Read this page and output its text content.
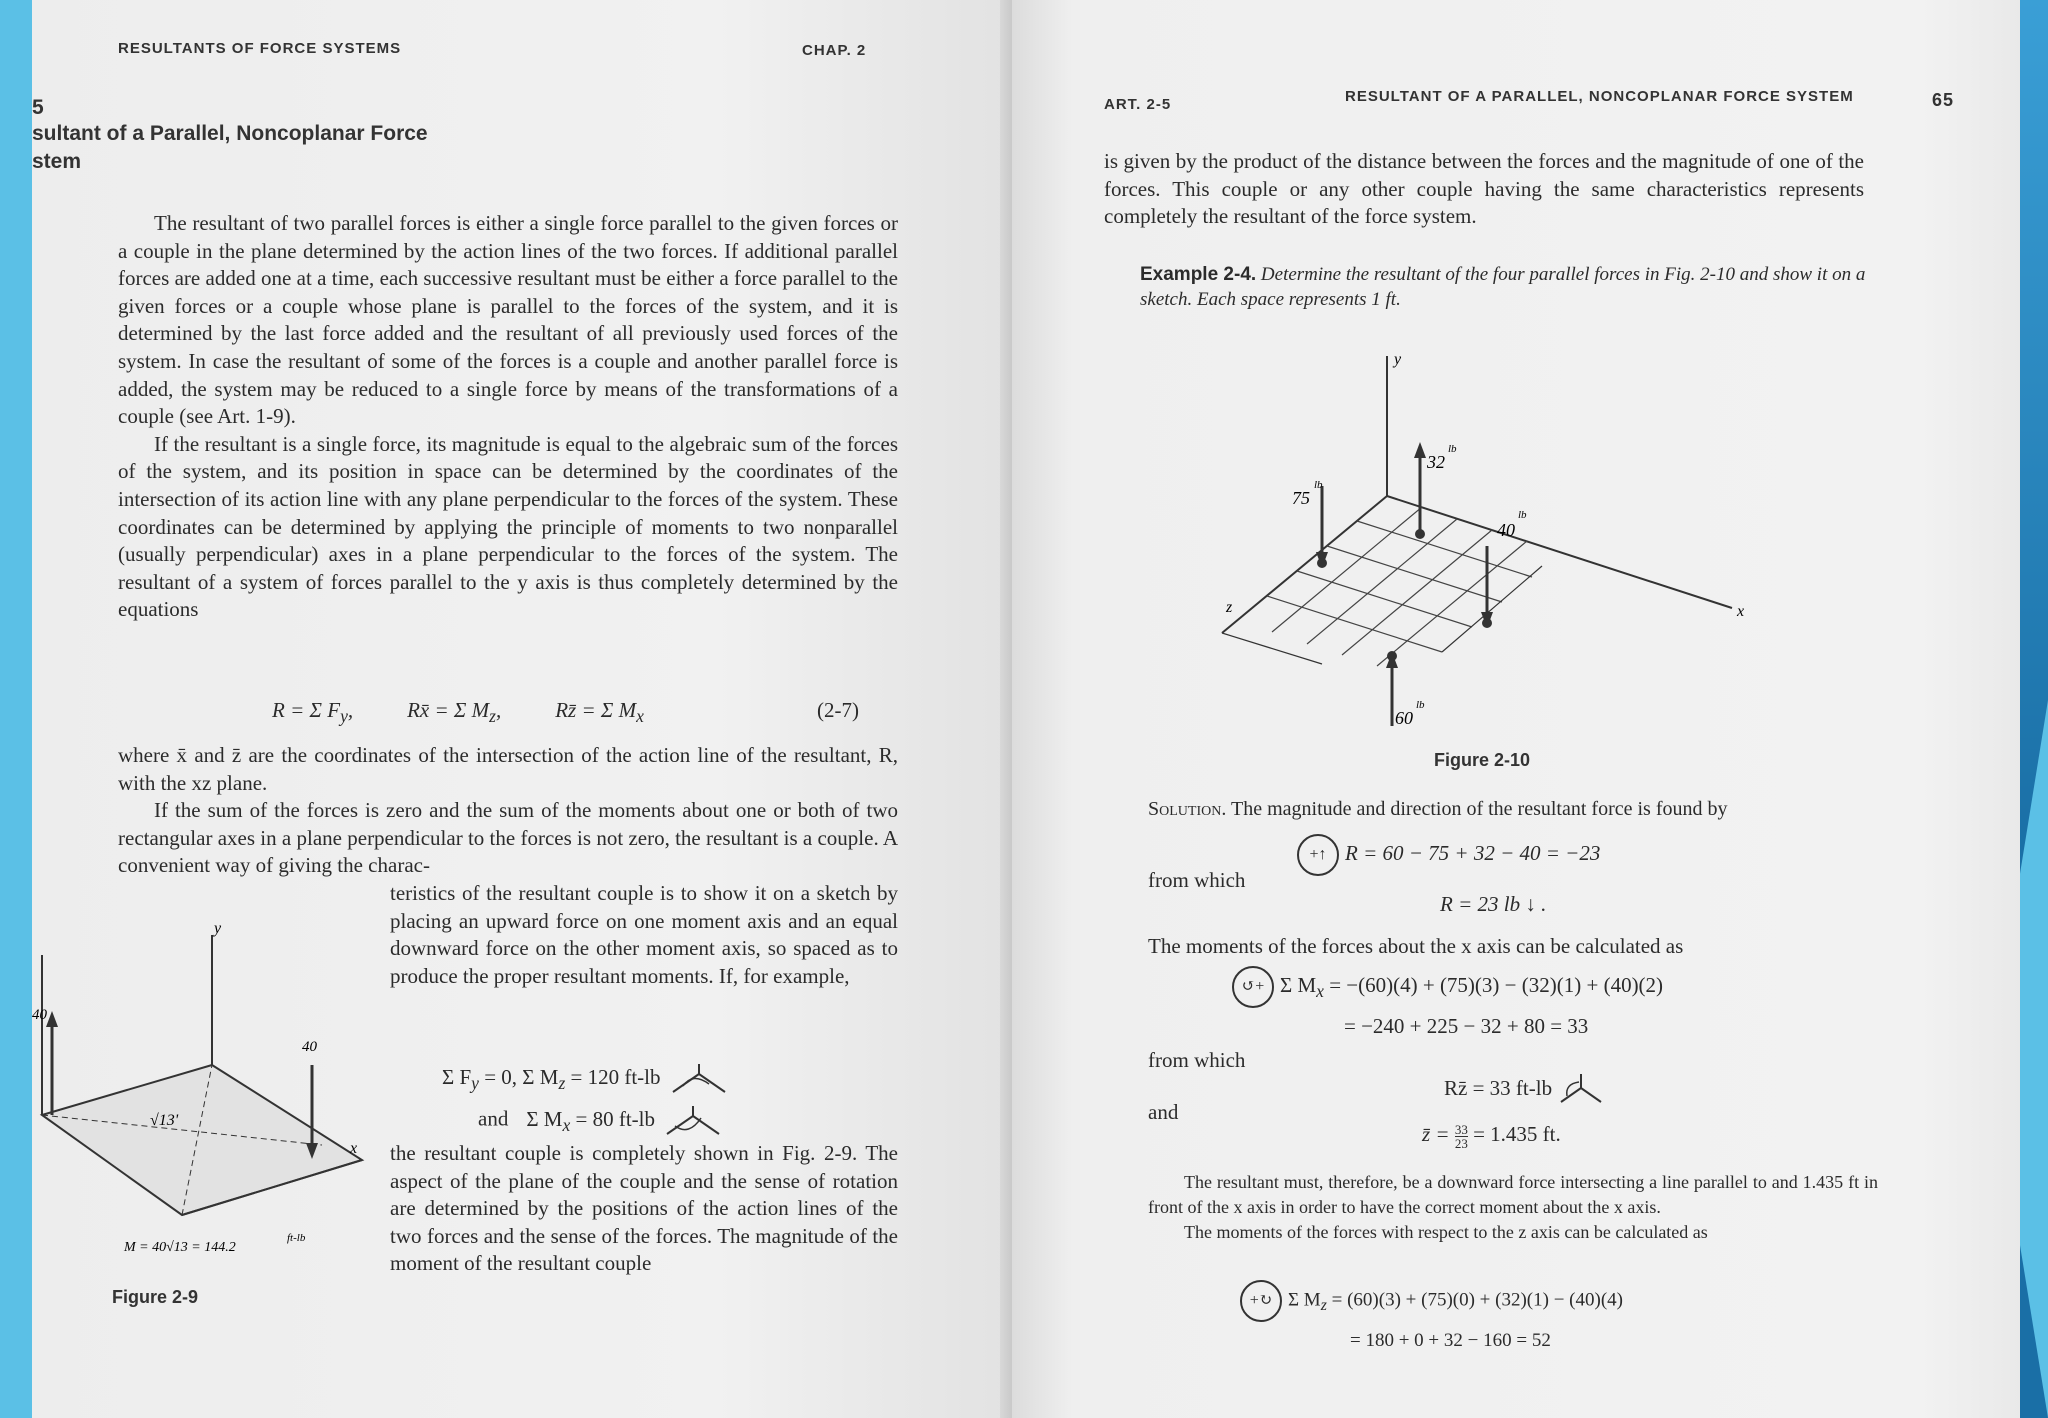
RESULTANTS OF FORCE SYSTEMS	CHAP. 2
5
sultant of a Parallel, Noncoplanar Force
stem

The resultant of two parallel forces is either a single force parallel to the given forces or a couple in the plane determined by the action lines of the two forces. If additional parallel forces are added one at a time, each successive resultant must be either a force parallel to the given forces or a couple whose plane is parallel to the forces of the system, and it is determined by the last force added and the resultant of all previously used forces of the system. In case the resultant of some of the forces is a couple and another parallel force is added, the system may be reduced to a single force by means of the transformations of a couple (see Art. 1-9).

If the resultant is a single force, its magnitude is equal to the algebraic sum of the forces of the system, and its position in space can be determined by the coordinates of the intersection of its action line with any plane perpendicular to the forces of the system. These coordinates can be determined by applying the principle of moments to two nonparallel (usually perpendicular) axes in a plane perpendicular to the forces of the system. The resultant of a system of forces parallel to the y axis is thus completely determined by the equations

R = Σ $F_y$,	Rx̄ = Σ $M_z$,	Rz̄ = Σ $M_x$	(2-7)
where x̄ and z̄ are the coordinates of the intersection of the action line of the resultant, R, with the xz plane.

If the sum of the forces is zero and the sum of the moments about one or both of two rectangular axes in a plane perpendicular to the forces is not zero, the resultant is a couple. A convenient way of giving the charac-

teristics of the resultant couple is to show it on a sketch by placing an upward force on one moment axis and an equal downward force on the other moment axis, so spaced as to produce the proper resultant moments. If, for example,
Σ $F_y = 0$, Σ $M_z = 120$ ft-lb
and Σ $M_x = 80$ ft-lb
the resultant couple is completely shown in Fig. 2-9. The aspect of the plane of the couple and the sense of rotation are determined by the positions of the action lines of the two forces and the sense of the forces. The magnitude of the moment of the resultant couple
y
x
40
40
√13'
M = 40√13 = 144.2
ft-lb
Figure 2-9
ART. 2-5	RESULTANT OF A PARALLEL, NONCOPLANAR FORCE SYSTEM	65
is given by the product of the distance between the forces and the magnitude of one of the forces. This couple or any other couple having the same characteristics represents completely the resultant of the force system.
Example 2-4. Determine the resultant of the four parallel forces in Fig. 2-10 and show it on a sketch. Each space represents 1 ft.
y
x
z
75
lb
32
lb
40
lb
60
lb
Figure 2-10
Solution. The magnitude and direction of the resultant force is found by
+↑ R = 60 − 75 + 32 − 40 = −23
from which
R = 23 lb ↓ .
The moments of the forces about the x axis can be calculated as
↺+ Σ $M_x = -(60)(4) + (75)(3) - (32)(1) + (40)(2)$
= −240 + 225 − 32 + 80 = 33
from which
Rz̄ = 33 ft-lb
and
z̄ = $\frac{33}{23} = 1.435$ ft.
The resultant must, therefore, be a downward force intersecting a line parallel to and 1.435 ft in front of the x axis in order to have the correct moment about the x axis.
The moments of the forces with respect to the z axis can be calculated as
+↻ Σ $M_z = (60)(3) + (75)(0) + (32)(1) - (40)(4)$
= 180 + 0 + 32 − 160 = 52
